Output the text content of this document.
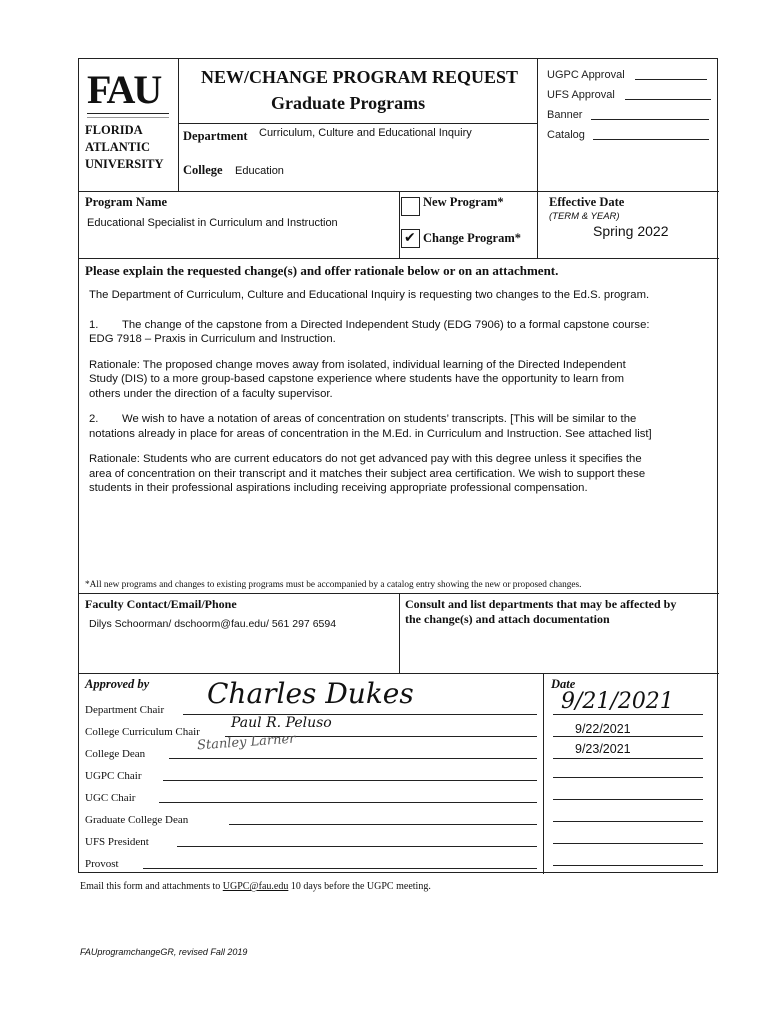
FAU
FLORIDA
ATLANTIC
UNIVERSITY
NEW/CHANGE PROGRAM REQUEST
Graduate Programs
Department Curriculum, Culture and Educational Inquiry
College Education
UGPC Approval
UFS Approval
Banner
Catalog
Program Name
Educational Specialist in Curriculum and Instruction
New Program*
✔ Change Program*
Effective Date
(TERM & YEAR)
Spring 2022
Please explain the requested change(s) and offer rationale below or on an attachment.
The Department of Curriculum, Culture and Educational Inquiry is requesting two changes to the Ed.S. program.
1. The change of the capstone from a Directed Independent Study (EDG 7906) to a formal capstone course:
EDG 7918 – Praxis in Curriculum and Instruction.
Rationale: The proposed change moves away from isolated, individual learning of the Directed Independent
Study (DIS) to a more group-based capstone experience where students have the opportunity to learn from
others under the direction of a faculty supervisor.
2. We wish to have a notation of areas of concentration on students’ transcripts. [This will be similar to the
notations already in place for areas of concentration in the M.Ed. in Curriculum and Instruction. See attached list]
Rationale: Students who are current educators do not get advanced pay with this degree unless it specifies the
area of concentration on their transcript and it matches their subject area certification. We wish to support these
students in their professional aspirations including receiving appropriate professional compensation.
*All new programs and changes to existing programs must be accompanied by a catalog entry showing the new or proposed changes.
Faculty Contact/Email/Phone
Dilys Schoorman/ dschoorm@fau.edu/ 561 297 6594
Consult and list departments that may be affected by
the change(s) and attach documentation
Approved by	Date
Department Chair
College Curriculum Chair
College Dean
UGPC Chair
UGC Chair
Graduate College Dean
UFS President
Provost
Charles Dukes
Paul R. Peluso
Stanley Larner
9/21/2021
9/22/2021
9/23/2021
Email this form and attachments to UGPC@fau.edu 10 days before the UGPC meeting.
FAUprogramchangeGR, revised Fall 2019
